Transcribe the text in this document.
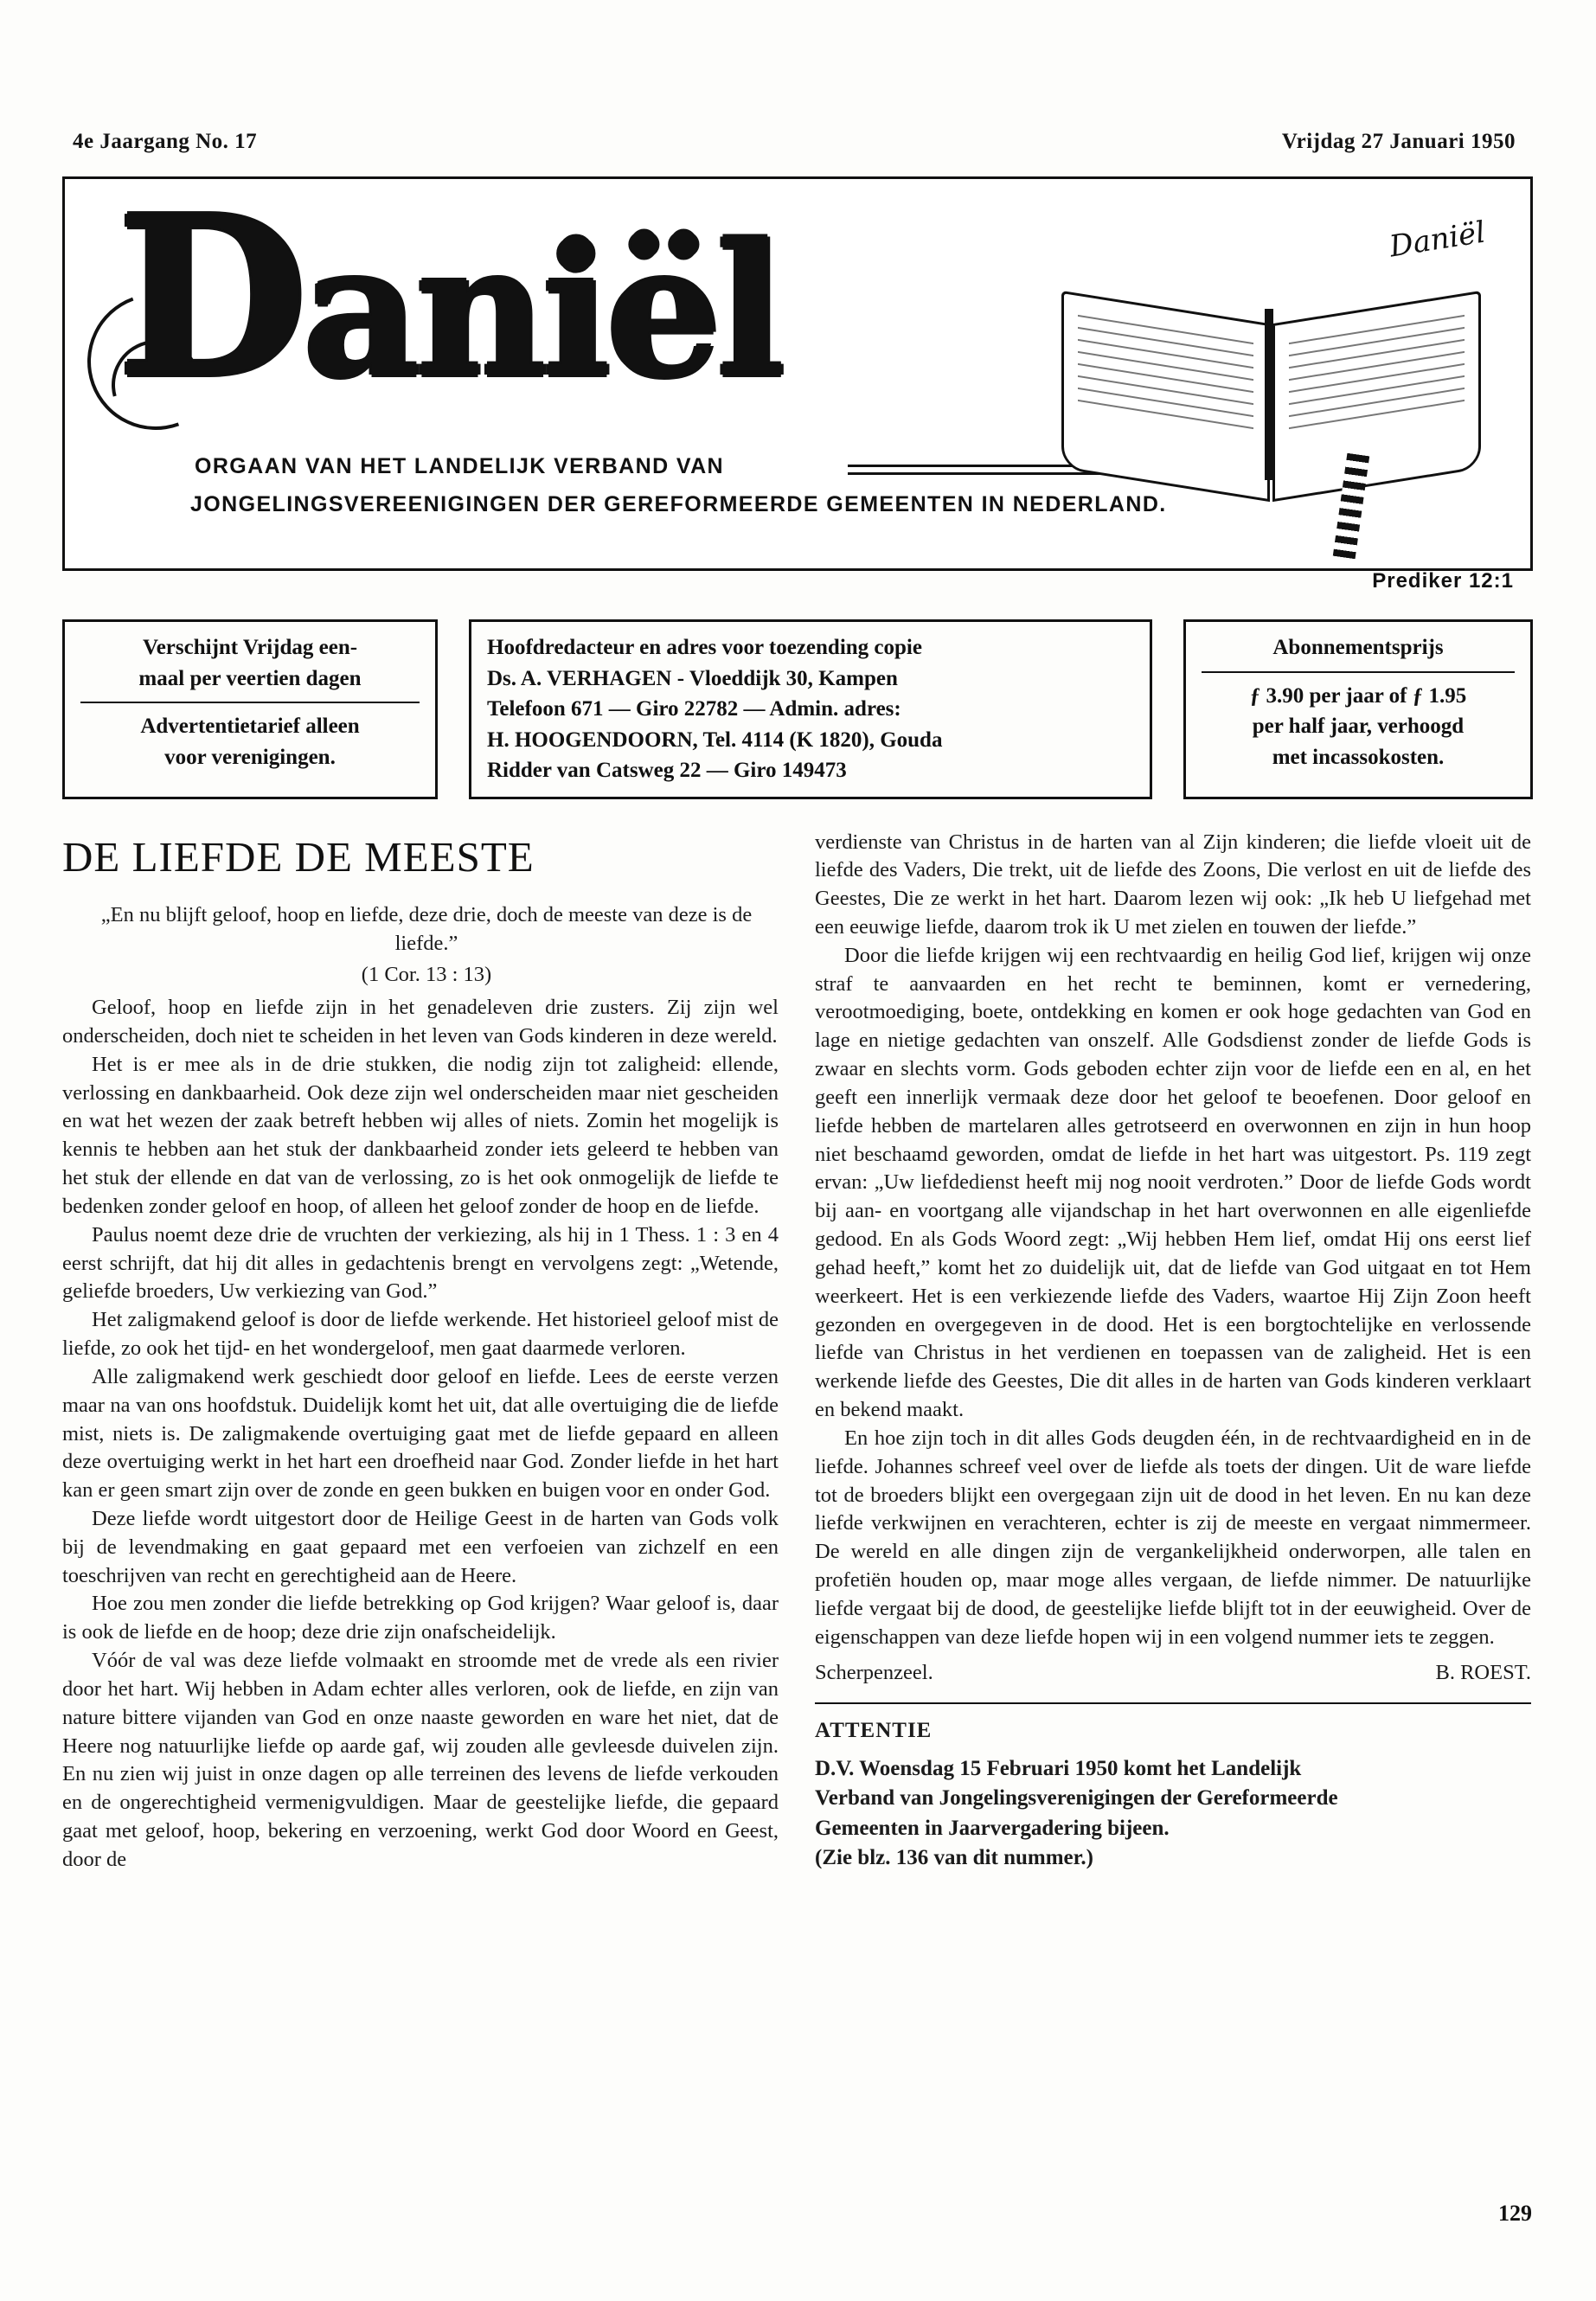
4e Jaargang No. 17	Vrijdag 27 Januari 1950
Daniël
ORGAAN VAN HET LANDELIJK VERBAND VAN
JONGELINGSVEREENIGINGEN DER GEREFORMEERDE GEMEENTEN IN NEDERLAND.
Daniël
Prediker 12:1
Verschijnt Vrijdag een-
maal per veertien dagen
Advertentietarief alleen
voor verenigingen.
Hoofdredacteur en adres voor toezending copie
Ds. A. VERHAGEN - Vloeddijk 30, Kampen
Telefoon 671 — Giro 22782 — Admin. adres:
H. HOOGENDOORN, Tel. 4114 (K 1820), Gouda
Ridder van Catsweg 22 — Giro 149473
Abonnementsprijs
ƒ 3.90 per jaar of ƒ 1.95
per half jaar, verhoogd
met incassokosten.
DE LIEFDE DE MEESTE
„En nu blijft geloof, hoop en liefde, deze drie, doch de meeste van deze is de liefde.”
(1 Cor. 13 : 13)

Geloof, hoop en liefde zijn in het genadeleven drie zusters. Zij zijn wel onderscheiden, doch niet te scheiden in het leven van Gods kinderen in deze wereld.

Het is er mee als in de drie stukken, die nodig zijn tot zaligheid: ellende, verlossing en dankbaarheid. Ook deze zijn wel onderscheiden maar niet gescheiden en wat het wezen der zaak betreft hebben wij alles of niets. Zomin het mogelijk is kennis te hebben aan het stuk der dankbaarheid zonder iets geleerd te hebben van het stuk der ellende en dat van de verlossing, zo is het ook onmogelijk de liefde te bedenken zonder geloof en hoop, of alleen het geloof zonder de hoop en de liefde.

Paulus noemt deze drie de vruchten der verkiezing, als hij in 1 Thess. 1 : 3 en 4 eerst schrijft, dat hij dit alles in gedachtenis brengt en vervolgens zegt: „Wetende, geliefde broeders, Uw verkiezing van God.”

Het zaligmakend geloof is door de liefde werkende. Het historieel geloof mist de liefde, zo ook het tijd- en het wondergeloof, men gaat daarmede verloren.

Alle zaligmakend werk geschiedt door geloof en liefde. Lees de eerste verzen maar na van ons hoofdstuk. Duidelijk komt het uit, dat alle overtuiging die de liefde mist, niets is. De zaligmakende overtuiging gaat met de liefde gepaard en alleen deze overtuiging werkt in het hart een droefheid naar God. Zonder liefde in het hart kan er geen smart zijn over de zonde en geen bukken en buigen voor en onder God.

Deze liefde wordt uitgestort door de Heilige Geest in de harten van Gods volk bij de levendmaking en gaat gepaard met een verfoeien van zichzelf en een toeschrijven van recht en gerechtigheid aan de Heere.

Hoe zou men zonder die liefde betrekking op God krijgen? Waar geloof is, daar is ook de liefde en de hoop; deze drie zijn onafscheidelijk.

Vóór de val was deze liefde volmaakt en stroomde met de vrede als een rivier door het hart. Wij hebben in Adam echter alles verloren, ook de liefde, en zijn van nature bittere vijanden van God en onze naaste geworden en ware het niet, dat de Heere nog natuurlijke liefde op aarde gaf, wij zouden alle gevleesde duivelen zijn. En nu zien wij juist in onze dagen op alle terreinen des levens de liefde verkouden en de ongerechtigheid vermenigvuldigen. Maar de geestelijke liefde, die gepaard gaat met geloof, hoop, bekering en verzoening, werkt God door Woord en Geest, door de

verdienste van Christus in de harten van al Zijn kinderen; die liefde vloeit uit de liefde des Vaders, Die trekt, uit de liefde des Zoons, Die verlost en uit de liefde des Geestes, Die ze werkt in het hart. Daarom lezen wij ook: „Ik heb U liefgehad met een eeuwige liefde, daarom trok ik U met zielen en touwen der liefde.”

Door die liefde krijgen wij een rechtvaardig en heilig God lief, krijgen wij onze straf te aanvaarden en het recht te beminnen, komt er vernedering, verootmoediging, boete, ontdekking en komen er ook hoge gedachten van God en lage en nietige gedachten van onszelf. Alle Godsdienst zonder de liefde Gods is zwaar en slechts vorm. Gods geboden echter zijn voor de liefde een en al, en het geeft een innerlijk vermaak deze door het geloof te beoefenen. Door geloof en liefde hebben de martelaren alles getrotseerd en overwonnen en zijn in hun hoop niet beschaamd geworden, omdat de liefde in het hart was uitgestort. Ps. 119 zegt ervan: „Uw liefdedienst heeft mij nog nooit verdroten.” Door de liefde Gods wordt bij aan- en voortgang alle vijandschap in het hart overwonnen en alle eigenliefde gedood. En als Gods Woord zegt: „Wij hebben Hem lief, omdat Hij ons eerst lief gehad heeft,” komt het zo duidelijk uit, dat de liefde van God uitgaat en tot Hem weerkeert. Het is een verkiezende liefde des Vaders, waartoe Hij Zijn Zoon heeft gezonden en overgegeven in de dood. Het is een borgtochtelijke en verlossende liefde van Christus in het verdienen en toepassen van de zaligheid. Het is een werkende liefde des Geestes, Die dit alles in de harten van Gods kinderen verklaart en bekend maakt.

En hoe zijn toch in dit alles Gods deugden één, in de rechtvaardigheid en in de liefde. Johannes schreef veel over de liefde als toets der dingen. Uit de ware liefde tot de broeders blijkt een overgegaan zijn uit de dood in het leven. En nu kan deze liefde verkwijnen en verachteren, echter is zij de meeste en vergaat nimmermeer. De wereld en alle dingen zijn de vergankelijkheid onderworpen, alle talen en profetiën houden op, maar moge alles vergaan, de liefde nimmer. De natuurlijke liefde vergaat bij de dood, de geestelijke liefde blijft tot in der eeuwigheid. Over de eigenschappen van deze liefde hopen wij in een volgend nummer iets te zeggen.

Scherpenzeel.	B. ROEST.
ATTENTIE
D.V. Woensdag 15 Februari 1950 komt het Landelijk
Verband van Jongelingsverenigingen der Gereformeerde
Gemeenten in Jaarvergadering bijeen.
(Zie blz. 136 van dit nummer.)
129
